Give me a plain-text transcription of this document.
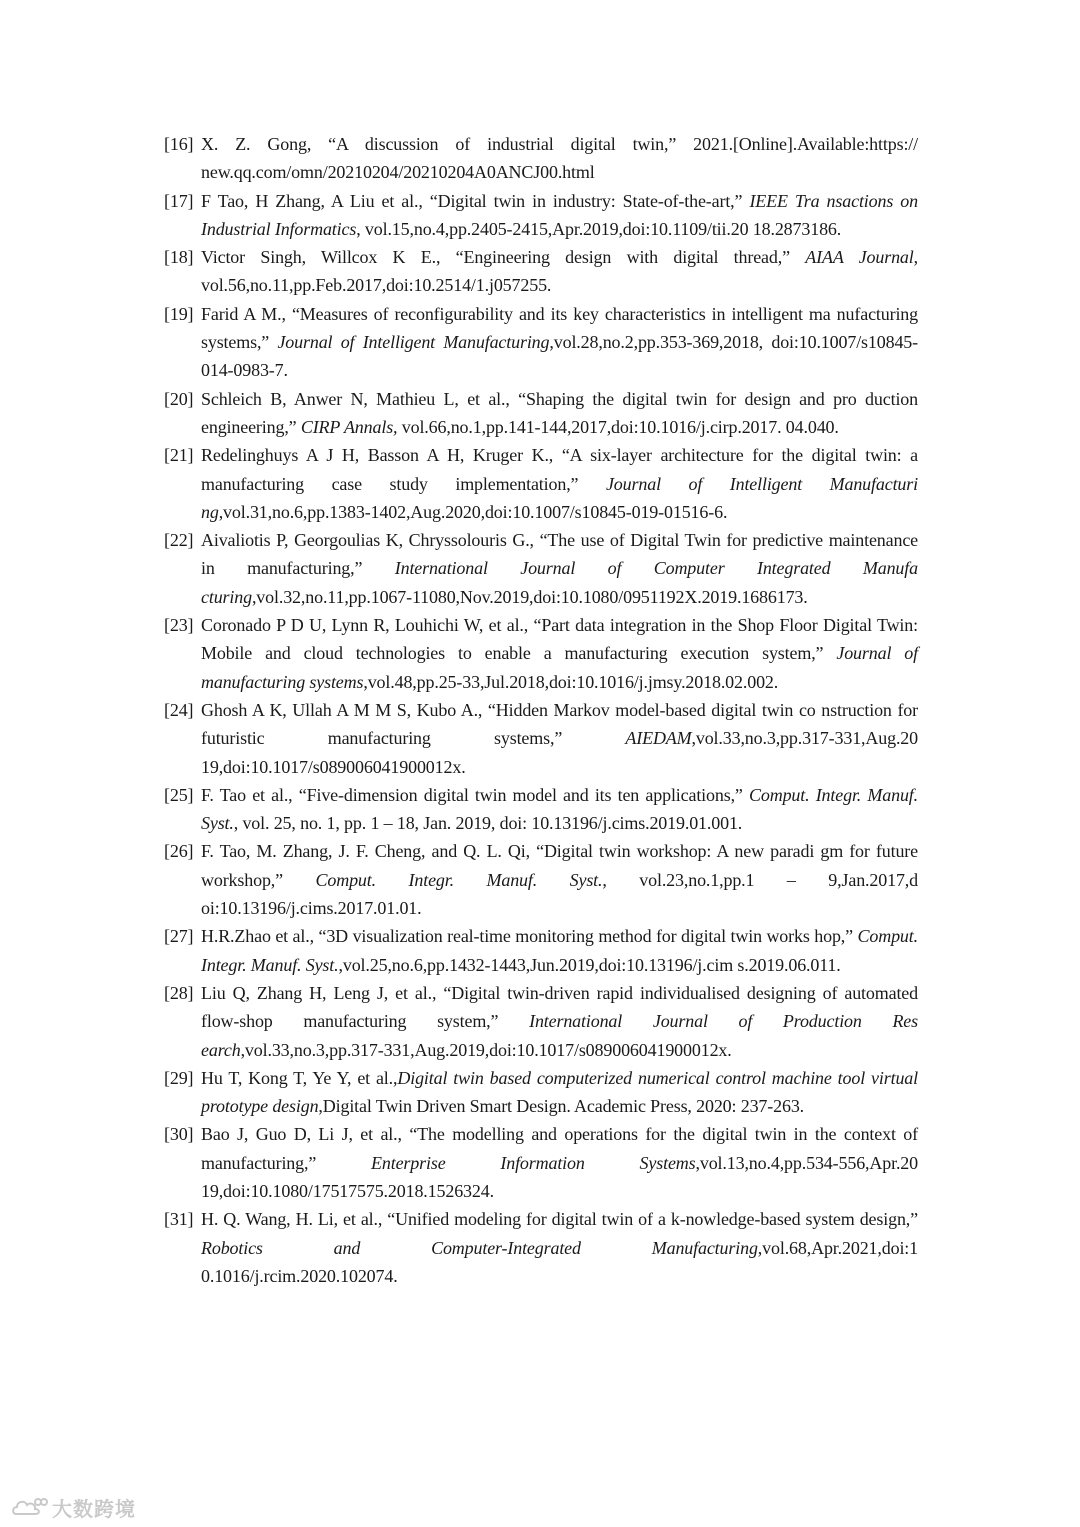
[16] X. Z. Gong, “A discussion of industrial digital twin,” 2021.[Online].Available:https:// new.qq.com/omn/20210204/20210204A0ANCJ00.html
[17] F Tao, H Zhang, A Liu et al., “Digital twin in industry: State-of-the-art,” IEEE Tra nsactions on Industrial Informatics, vol.15,no.4,pp.2405-2415,Apr.2019,doi:10.1109/tii.20 18.2873186.
[18] Victor Singh, Willcox K E., “Engineering design with digital thread,” AIAA Journal, vol.56,no.11,pp.Feb.2017,doi:10.2514/1.j057255.
[19] Farid A M., “Measures of reconfigurability and its key characteristics in intelligent ma nufacturing systems,” Journal of Intelligent Manufacturing,vol.28,no.2,pp.353-369,2018, doi:10.1007/s10845-014-0983-7.
[20] Schleich B, Anwer N, Mathieu L, et al., “Shaping the digital twin for design and pro duction engineering,” CIRP Annals, vol.66,no.1,pp.141-144,2017,doi:10.1016/j.cirp.2017. 04.040.
[21] Redelinghuys A J H, Basson A H, Kruger K., “A six-layer architecture for the digital twin: a manufacturing case study implementation,” Journal of Intelligent Manufacturi ng,vol.31,no.6,pp.1383-1402,Aug.2020,doi:10.1007/s10845-019-01516-6.
[22] Aivaliotis P, Georgoulias K, Chryssolouris G., “The use of Digital Twin for predictive maintenance in manufacturing,” International Journal of Computer Integrated Manufa cturing,vol.32,no.11,pp.1067-11080,Nov.2019,doi:10.1080/0951192X.2019.1686173.
[23] Coronado P D U, Lynn R, Louhichi W, et al., “Part data integration in the Shop Floor Digital Twin: Mobile and cloud technologies to enable a manufacturing execution system,” Journal of manufacturing systems,vol.48,pp.25-33,Jul.2018,doi:10.1016/j.jmsy.2018.02.002.
[24] Ghosh A K, Ullah A M M S, Kubo A., “Hidden Markov model-based digital twin co nstruction for futuristic manufacturing systems,” AIEDAM,vol.33,no.3,pp.317-331,Aug.20 19,doi:10.1017/s089006041900012x.
[25] F. Tao et al., “Five-dimension digital twin model and its ten applications,” Comput. Integr. Manuf. Syst., vol. 25, no. 1, pp. 1 ‒ 18, Jan. 2019, doi: 10.13196/j.cims.2019.01.001.
[26] F. Tao, M. Zhang, J. F. Cheng, and Q. L. Qi, “Digital twin workshop: A new paradi gm for future workshop,” Comput. Integr. Manuf. Syst., vol.23,no.1,pp.1 ‒ 9,Jan.2017,d oi:10.13196/j.cims.2017.01.01.
[27] H.R.Zhao et al., “3D visualization real-time monitoring method for digital twin works hop,” Comput. Integr. Manuf. Syst.,vol.25,no.6,pp.1432-1443,Jun.2019,doi:10.13196/j.cim s.2019.06.011.
[28] Liu Q, Zhang H, Leng J, et al., “Digital twin-driven rapid individualised designing of automated flow-shop manufacturing system,” International Journal of Production Res earch,vol.33,no.3,pp.317-331,Aug.2019,doi:10.1017/s089006041900012x.
[29] Hu T, Kong T, Ye Y, et al.,Digital twin based computerized numerical control machine tool virtual prototype design,Digital Twin Driven Smart Design. Academic Press, 2020: 237-263.
[30] Bao J, Guo D, Li J, et al., “The modelling and operations for the digital twin in the context of manufacturing,” Enterprise Information Systems,vol.13,no.4,pp.534-556,Apr.20 19,doi:10.1080/17517575.2018.1526324.
[31] H. Q. Wang, H. Li, et al., “Unified modeling for digital twin of a k-nowledge-based system design,” Robotics and Computer-Integrated Manufacturing,vol.68,Apr.2021,doi:1 0.1016/j.rcim.2020.102074.
大数跨境
